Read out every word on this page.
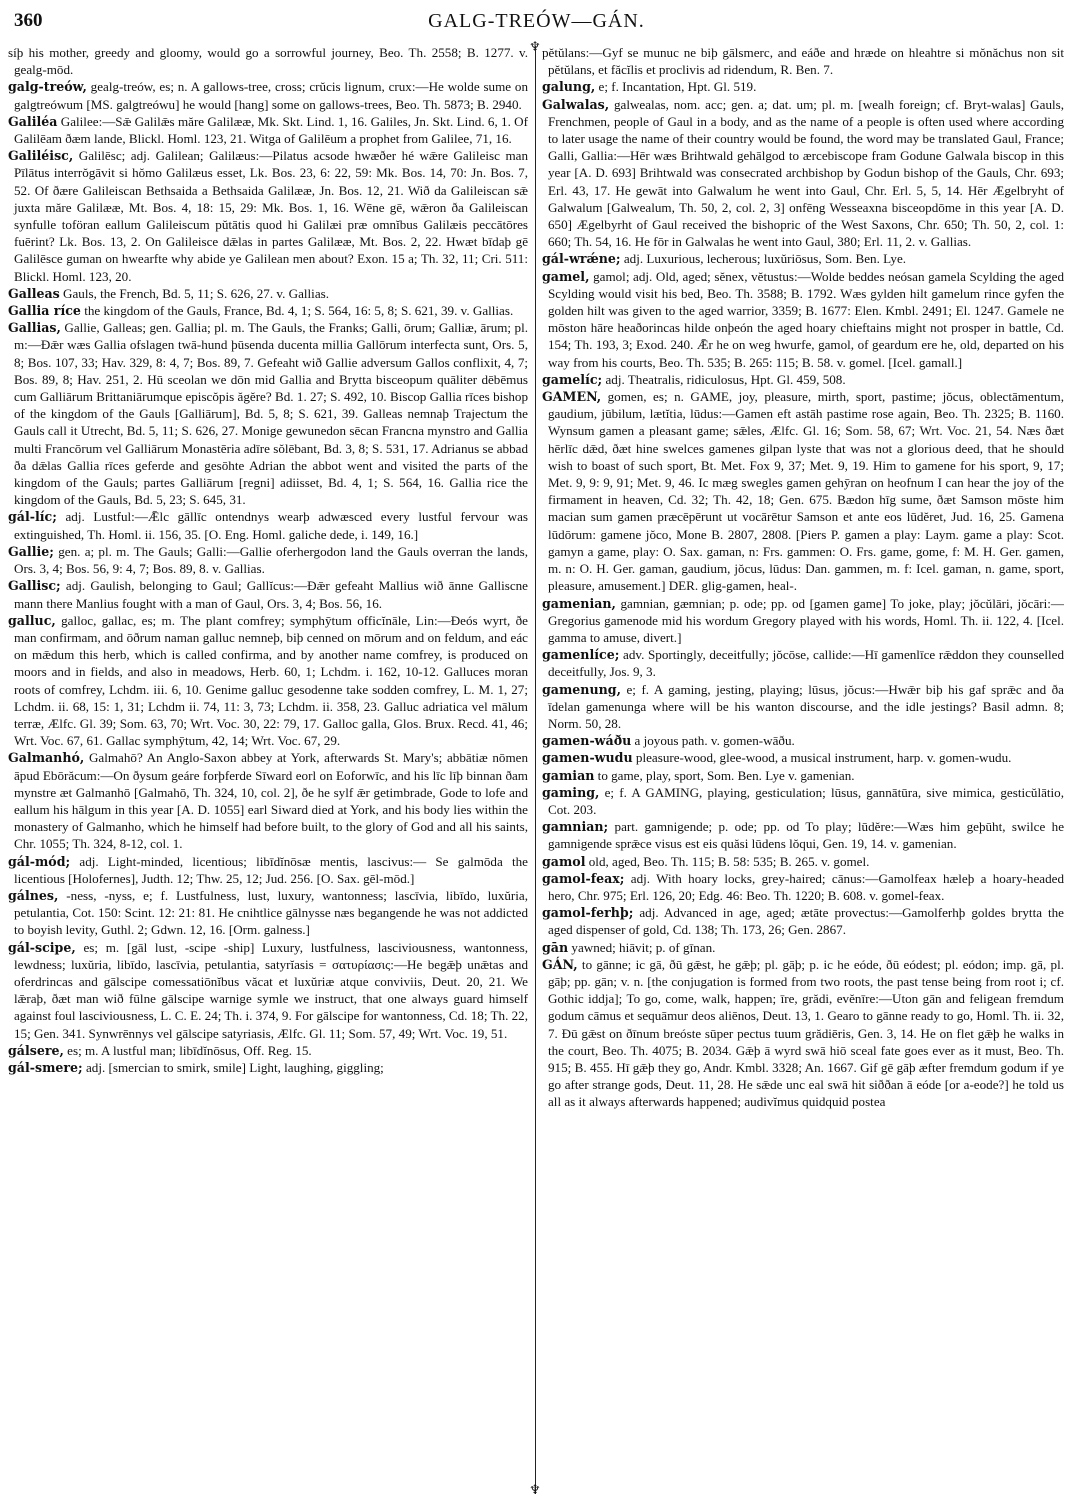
360	GALG-TREÓW—GÁN.
♆
♆

síþ his mother, greedy and gloomy, would go a sorrowful journey, Beo. Th. 2558; B. 1277. v. gealg-mōd.

galg-treów, gealg-treów, es; n. A gallows-tree, cross; crŭcis lignum, crux:—He wolde sume on galgtreówum [MS. galgtreówu] he would [hang] some on gallows-trees, Beo. Th. 5873; B. 2940.

Galiléa Galilee:—Sǣ Galilǣs măre Galilææ, Mk. Skt. Lind. 1, 16. Galiles, Jn. Skt. Lind. 6, 1. Of Galilēam ðæm lande, Blickl. Homl. 123, 21. Witga of Galilēum a prophet from Galilee, 71, 16.

Galiléisc, Galilēsc; adj. Galilean; Galilæus:—Pilatus acsode hwæðer hé wǣre Galileisc man Pīlātus interrŏgāvit si hŏmo Galilæus esset, Lk. Bos. 23, 6: 22, 59: Mk. Bos. 14, 70: Jn. Bos. 7, 52. Of ðære Galileiscan Bethsaida a Bethsaida Galilææ, Jn. Bos. 12, 21. Wið da Galileiscan sǣ juxta măre Galilææ, Mt. Bos. 4, 18: 15, 29: Mk. Bos. 1, 16. Wēne gē, wǣron ða Galileiscan synfulle toföran eallum Galileiscum pŭtātis quod hi Galilæi præ omnĭbus Galilæis peccātōres fuērint? Lk. Bos. 13, 2. On Galileisce dǣlas in partes Galilææ, Mt. Bos. 2, 22. Hwæt bīdaþ gē Galilēsce guman on hwearfte why abide ye Galilean men about? Exon. 15 a; Th. 32, 11; Cri. 511: Blickl. Homl. 123, 20.

Galleas Gauls, the French, Bd. 5, 11; S. 626, 27. v. Gallias.

Gallia ríce the kingdom of the Gauls, France, Bd. 4, 1; S. 564, 16: 5, 8; S. 621, 39. v. Gallias.

Gallias, Gallie, Galleas; gen. Gallia; pl. m. The Gauls, the Franks; Galli, ōrum; Galliæ, ārum; pl. m:—Ðǣr wæs Gallia ofslagen twā-hund þūsenda ducenta millia Gallōrum interfecta sunt, Ors. 5, 8; Bos. 107, 33; Hav. 329, 8: 4, 7; Bos. 89, 7. Gefeaht wið Gallie adversum Gallos conflixit, 4, 7; Bos. 89, 8; Hav. 251, 2. Hū sceolan we dōn mid Gallia and Brytta bisceopum quāliter dēbēmus cum Galliārum Brittaniārumque episcŏpis ăgĕre? Bd. 1. 27; S. 492, 10. Biscop Gallia rīces bishop of the kingdom of the Gauls [Galliārum], Bd. 5, 8; S. 621, 39. Galleas nemnaþ Trajectum the Gauls call it Utrecht, Bd. 5, 11; S. 626, 27. Monige gewunedon sēcan Francna mynstro and Gallia multi Francōrum vel Galliārum Monastēria adīre sŏlēbant, Bd. 3, 8; S. 531, 17. Adrianus se abbad ða dǣlas Gallia rīces geferde and gesōhte Adrian the abbot went and visited the parts of the kingdom of the Gauls; partes Galliārum [regni] adiisset, Bd. 4, 1; S. 564, 16. Gallia rice the kingdom of the Gauls, Bd. 5, 23; S. 645, 31.

gál-líc; adj. Lustful:—Ǣlc gāllīc ontendnys wearþ adwæsced every lustful fervour was extinguished, Th. Homl. ii. 156, 35. [O. Eng. Homl. galiche dede, i. 149, 16.]

Gallie; gen. a; pl. m. The Gauls; Galli:—Gallie oferhergodon land the Gauls overran the lands, Ors. 3, 4; Bos. 56, 9: 4, 7; Bos. 89, 8. v. Gallias.

Gallisc; adj. Gaulish, belonging to Gaul; Gallĭcus:—Ðǣr gefeaht Mallius wið ānne Galliscne mann there Manlius fought with a man of Gaul, Ors. 3, 4; Bos. 56, 16.

galluc, galloc, gallac, es; m. The plant comfrey; symphȳtum officĭnāle, Lin:—Ðeós wyrt, ðe man confirmam, and ōðrum naman galluc nemneþ, biþ cenned on mōrum and on feldum, and eác on mǣdum this herb, which is called confirma, and by another name comfrey, is produced on moors and in fields, and also in meadows, Herb. 60, 1; Lchdm. i. 162, 10-12. Galluces moran roots of comfrey, Lchdm. iii. 6, 10. Genime galluc gesodenne take sodden comfrey, L. M. 1, 27; Lchdm. ii. 68, 15: 1, 31; Lchdm ii. 74, 11: 3, 73; Lchdm. ii. 358, 23. Galluc adriatica vel mālum terræ, Ælfc. Gl. 39; Som. 63, 70; Wrt. Voc. 30, 22: 79, 17. Galloc galla, Glos. Brux. Recd. 41, 46; Wrt. Voc. 67, 61. Gallac symphȳtum, 42, 14; Wrt. Voc. 67, 29.

Galmanhó, Galmahō? An Anglo-Saxon abbey at York, afterwards St. Mary's; abbātiæ nōmen āpud Ebōrăcum:—On ðysum geáre forþferde Sīward eorl on Eoforwīc, and his līc līþ binnan ðam mynstre æt Galmanhō [Galmahō, Th. 324, 10, col. 2], ðe he sylf ǣr getimbrade, Gode to lofe and eallum his hālgum in this year [A. D. 1055] earl Siward died at York, and his body lies within the monastery of Galmanho, which he himself had before built, to the glory of God and all his saints, Chr. 1055; Th. 324, 8-12, col. 1.

gál-mód; adj. Light-minded, licentious; libīdĭnōsæ mentis, lascivus:— Se galmōda the licentious [Holofernes], Judth. 12; Thw. 25, 12; Jud. 256. [O. Sax. gēl-mōd.]

gálnes, -ness, -nyss, e; f. Lustfulness, lust, luxury, wantonness; lascīvia, libīdo, luxŭria, petulantia, Cot. 150: Scint. 12: 21: 81. He cnihtlice gālnysse næs begangende he was not addicted to boyish levity, Guthl. 2; Gdwn. 12, 16. [Orm. galness.]

gál-scipe, es; m. [gāl lust, -scipe -ship] Luxury, lustfulness, lasciviousness, wantonness, lewdness; luxŭria, libīdo, lascīvia, petulantia, satyrĭasis = σατυρίασις:—He begǣþ unǣtas and oferdrincas and gālscipe comessatiōnĭbus văcat et luxŭriæ atque conviviis, Deut. 20, 21. We lǣraþ, ðæt man wið fūlne gālscipe warnige symle we instruct, that one always guard himself against foul lasciviousness, L. C. E. 24; Th. i. 374, 9. For gālscipe for wantonness, Cd. 18; Th. 22, 15; Gen. 341. Synwrēnnys vel gālscipe satyriasis, Ælfc. Gl. 11; Som. 57, 49; Wrt. Voc. 19, 51.

gálsere, es; m. A lustful man; libīdĭnōsus, Off. Reg. 15.

gál-smere; adj. [smercian to smirk, smile] Light, laughing, giggling;

pĕtŭlans:—Gyf se munuc ne biþ gālsmerc, and eáðe and hræde on hleahtre si mŏnăchus non sit pĕtŭlans, et făcĭlis et proclivis ad ridendum, R. Ben. 7.

galung, e; f. Incantation, Hpt. Gl. 519.

Galwalas, galwealas, nom. acc; gen. a; dat. um; pl. m. [wealh foreign; cf. Bryt-walas] Gauls, Frenchmen, people of Gaul in a body, and as the name of a people is often used where according to later usage the name of their country would be found, the word may be translated Gaul, France; Galli, Gallia:—Hēr wæs Brihtwald gehālgod to ærcebiscope fram Godune Galwala biscop in this year [A. D. 693] Brihtwald was consecrated archbishop by Godun bishop of the Gauls, Chr. 693; Erl. 43, 17. He gewāt into Galwalum he went into Gaul, Chr. Erl. 5, 5, 14. Hēr Ægelbryht of Galwalum [Galwealum, Th. 50, 2, col. 2, 3] onfēng Wesseaxna bisceopdōme in this year [A. D. 650] Ægelbyrht of Gaul received the bishopric of the West Saxons, Chr. 650; Th. 50, 2, col. 1: 660; Th. 54, 16. He fōr in Galwalas he went into Gaul, 380; Erl. 11, 2. v. Gallias.

gál-wrǽne; adj. Luxurious, lecherous; luxŭriōsus, Som. Ben. Lye.

gamel, gamol; adj. Old, aged; sĕnex, vĕtustus:—Wolde beddes neósan gamela Scylding the aged Scylding would visit his bed, Beo. Th. 3588; B. 1792. Wæs gylden hilt gamelum rince gyfen the golden hilt was given to the aged warrior, 3359; B. 1677: Elen. Kmbl. 2491; El. 1247. Gamele ne mōston hāre heaðorincas hilde onþeón the aged hoary chieftains might not prosper in battle, Cd. 154; Th. 193, 3; Exod. 240. Ǣr he on weg hwurfe, gamol, of geardum ere he, old, departed on his way from his courts, Beo. Th. 535; B. 265: 115; B. 58. v. gomel. [Icel. gamall.]

gamelíc; adj. Theatralis, ridiculosus, Hpt. Gl. 459, 508.

GAMEN, gomen, es; n. GAME, joy, pleasure, mirth, sport, pastime; jŏcus, oblectāmentum, gaudium, jūbilum, lætĭtia, lūdus:—Gamen eft astāh pastime rose again, Beo. Th. 2325; B. 1160. Wynsum gamen a pleasant game; sǣles, Ælfc. Gl. 16; Som. 58, 67; Wrt. Voc. 21, 54. Næs ðæt hērlīc dǣd, ðæt hine swelces gamenes gilpan lyste that was not a glorious deed, that he should wish to boast of such sport, Bt. Met. Fox 9, 37; Met. 9, 19. Him to gamene for his sport, 9, 17; Met. 9, 9: 9, 91; Met. 9, 46. Ic mæg swegles gamen gehȳran on heofnum I can hear the joy of the firmament in heaven, Cd. 32; Th. 42, 18; Gen. 675. Bædon hīg sume, ðæt Samson mōste him macian sum gamen præcēpērunt ut vocārētur Samson et ante eos lūdĕret, Jud. 16, 25. Gamena lūdōrum: gamene jŏco, Mone B. 2807, 2808. [Piers P. gamen a play: Laym. game a play: Scot. gamyn a game, play: O. Sax. gaman, n: Frs. gammen: O. Frs. game, gome, f: M. H. Ger. gamen, m. n: O. H. Ger. gaman, gaudium, jŏcus, lūdus: Dan. gammen, m. f: Icel. gaman, n. game, sport, pleasure, amusement.] DER. glig-gamen, heal-.

gamenian, gamnian, gæmnian; p. ode; pp. od [gamen game] To joke, play; jŏcŭlāri, jŏcāri:—Gregorius gamenode mid his wordum Gregory played with his words, Homl. Th. ii. 122, 4. [Icel. gamma to amuse, divert.]

gamenlíce; adv. Sportingly, deceitfully; jŏcōse, callide:—Hī gamenlīce rǣddon they counselled deceitfully, Jos. 9, 3.

gamenung, e; f. A gaming, jesting, playing; lūsus, jŏcus:—Hwǣr biþ his gaf sprǣc and ða īdelan gamenunga where will be his wanton discourse, and the idle jestings? Basil admn. 8; Norm. 50, 28.

gamen-wáðu a joyous path. v. gomen-wāðu.

gamen-wudu pleasure-wood, glee-wood, a musical instrument, harp. v. gomen-wudu.

gamian to game, play, sport, Som. Ben. Lye v. gamenian.

gaming, e; f. A GAMING, playing, gesticulation; lūsus, gannātūra, sive mimica, gesticŭlātio, Cot. 203.

gamnian; part. gamnigende; p. ode; pp. od To play; lūdĕre:—Wæs him geþūht, swilce he gamnigende sprǣce visus est eis quăsi lūdens lŏqui, Gen. 19, 14. v. gamenian.

gamol old, aged, Beo. Th. 115; B. 58: 535; B. 265. v. gomel.

gamol-feax; adj. With hoary locks, grey-haired; cānus:—Gamolfeax hæleþ a hoary-headed hero, Chr. 975; Erl. 126, 20; Edg. 46: Beo. Th. 1220; B. 608. v. gomel-feax.

gamol-ferhþ; adj. Advanced in age, aged; ætāte provectus:—Gamolferhþ goldes brytta the aged dispenser of gold, Cd. 138; Th. 173, 26; Gen. 2867.

gān yawned; hiāvit; p. of gīnan.

GÁN, to gānne; ic gā, ðū gǣst, he gǣþ; pl. gāþ; p. ic he eóde, ðū eódest; pl. eódon; imp. gā, pl. gāþ; pp. gān; v. n. [the conjugation is formed from two roots, the past tense being from root i; cf. Gothic iddja]; To go, come, walk, happen; īre, grădi, evĕnīre:—Uton gān and feligean fremdum godum cāmus et sequāmur deos aliēnos, Deut. 13, 1. Gearo to gānne ready to go, Homl. Th. ii. 32, 7. Ðū gǣst on ðīnum breóste sūper pectus tuum grădiēris, Gen. 3, 14. He on flet gǣþ he walks in the court, Beo. Th. 4075; B. 2034. Gǣþ ā wyrd swā hiō sceal fate goes ever as it must, Beo. Th. 915; B. 455. Hī gǣþ they go, Andr. Kmbl. 3328; An. 1667. Gif gē gāþ æfter fremdum godum if ye go after strange gods, Deut. 11, 28. He sǣde unc eal swā hit siððan ā eóde [or a-eode?] he told us all as it always afterwards happened; audivĭmus quidquid postea
